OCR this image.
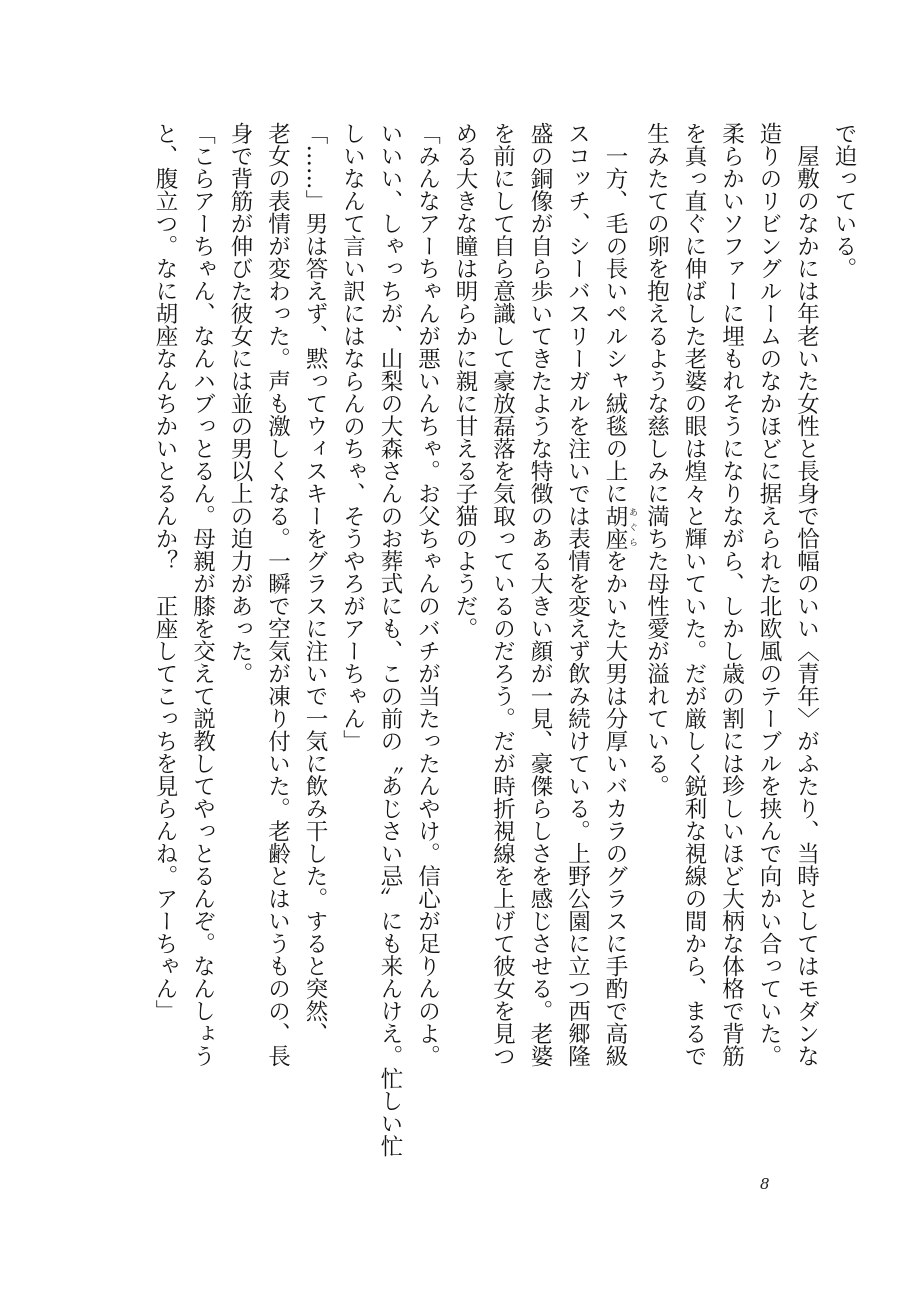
で迫っている。
　屋敷のなかには年老いた女性と長身で恰幅のいい〈青年〉がふたり、当時としてはモダンな
造りのリビングルームのなかほどに据えられた北欧風のテーブルを挟んで向かい合っていた。
柔らかいソファーに埋もれそうになりながら、しかし歳の割には珍しいほど大柄な体格で背筋
を真っ直ぐに伸ばした老婆の眼は煌々と輝いていた。だが厳しく鋭利な視線の間から、まるで
生みたての卵を抱えるような慈しみに満ちた母性愛が溢れている。
　一方、毛の長いペルシャ絨毯の上に胡座 あぐらをかいた大男は分厚いバカラのグラスに手酌で高級
スコッチ、シーバスリーガルを注いでは表情を変えず飲み続けている。上野公園に立つ西郷隆
盛の銅像が自ら歩いてきたような特徴のある大きい顔が一見、豪傑らしさを感じさせる。老婆
を前にして自ら意識して豪放磊落を気取っているのだろう。だが時折視線を上げて彼女を見つ
める大きな瞳は明らかに親に甘える子猫のようだ。
「みんなアーちゃんが悪いんちゃ。お父ちゃんのバチが当たったんやけ。信心が足りんのよ。
いいい、しゃっちが、山梨の大森さんのお葬式にも、この前の〝あじさい忌〟にも来んけえ。忙しい忙
しいなんて言い訳にはならんのちゃ、そうやろがアーちゃん」
「……」男は答えず、黙ってウィスキーをグラスに注いで一気に飲み干した。すると突然、
老女の表情が変わった。声も激しくなる。一瞬で空気が凍り付いた。老齢とはいうものの、長
身で背筋が伸びた彼女には並の男以上の迫力があった。
「こらアーちゃん、なんハブっとるん。母親が膝を交えて説教してやっとるんぞ。なんしょう
と、腹立つ。なに胡座なんちかいとるんか？　正座してこっちを見らんね。アーちゃん」
8
